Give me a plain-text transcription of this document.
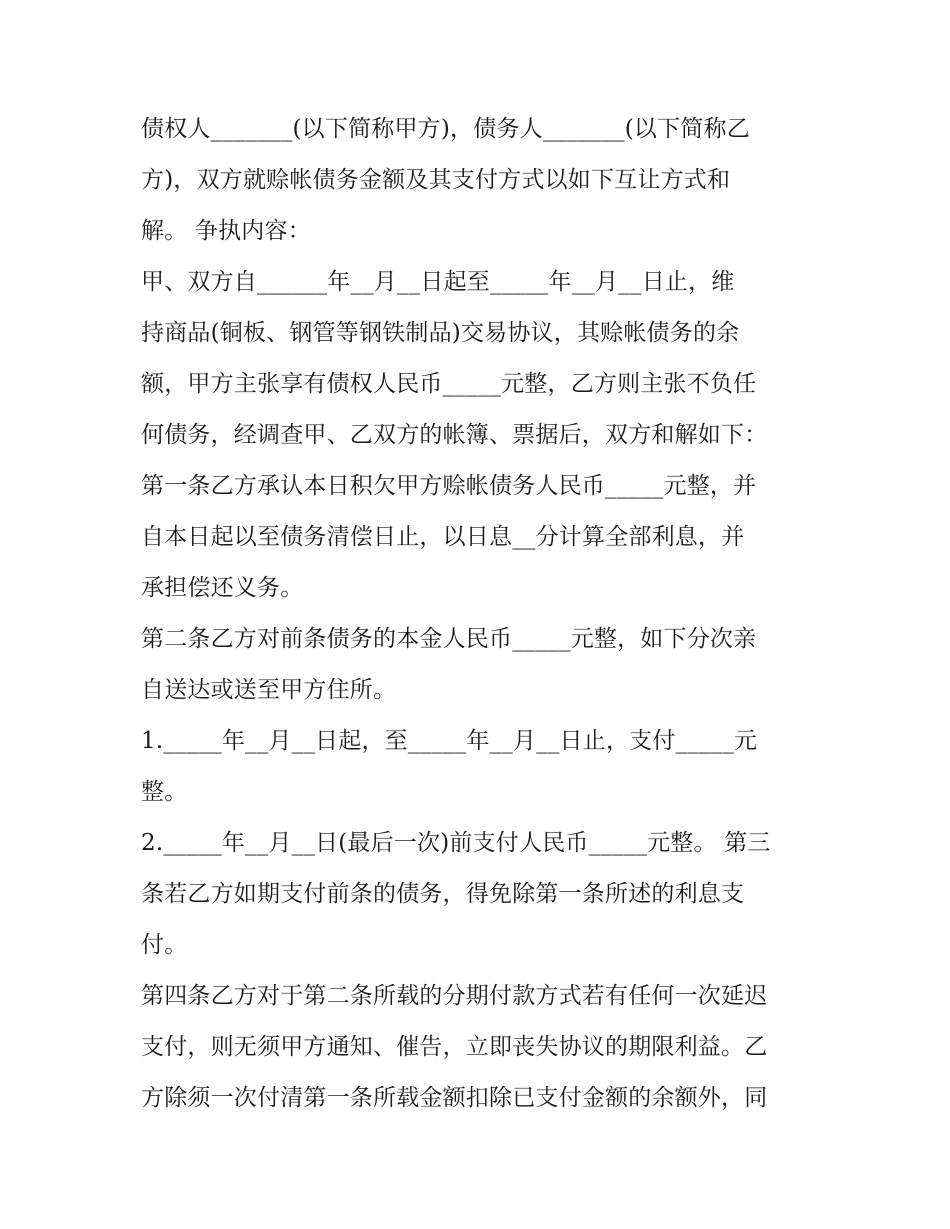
债权人_______(以下简称甲方)，债务人_______(以下简称乙
方)，双方就赊帐债务金额及其支付方式以如下互让方式和
解。 争执内容：
甲、双方自______年__月__日起至_____年__月__日止，维
持商品(铜板、钢管等钢铁制品)交易协议，其赊帐债务的余
额，甲方主张享有债权人民币_____元整，乙方则主张不负任
何债务，经调查甲、乙双方的帐簿、票据后，双方和解如下：
第一条乙方承认本日积欠甲方赊帐债务人民币_____元整，并
自本日起以至债务清偿日止，以日息__分计算全部利息，并
承担偿还义务。
第二条乙方对前条债务的本金人民币_____元整，如下分次亲
自送达或送至甲方住所。
1._____年__月__日起，至_____年__月__日止，支付_____元
整。
2._____年__月__日(最后一次)前支付人民币_____元整。 第三
条若乙方如期支付前条的债务，得免除第一条所述的利息支
付。
第四条乙方对于第二条所载的分期付款方式若有任何一次延迟
支付，则无须甲方通知、催告，立即丧失协议的期限利益。乙
方除须一次付清第一条所载金额扣除已支付金额的余额外，同
